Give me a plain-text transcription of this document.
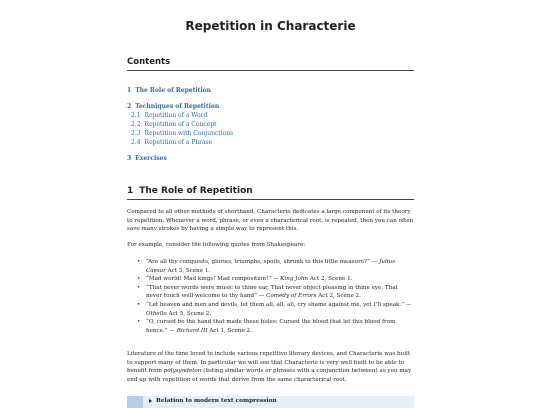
Repetition in Characterie
Contents
1 The Role of Repetition
2 Techniques of Repetition
2.1 Repetition of a Word
2.2 Repetition of a Concept
2.3 Repetition with Conjunctions
2.4 Repetition of a Phrase
3 Exercises
1 The Role of Repetition

Compared to all other methods of shorthand, Characterie dedicates a large component of its theory to repetition. Whenever a word, phrase, or even a characterical root, is repeated, then you can often save many strokes by having a simple way to represent this.

For example, consider the following quotes from Shakespeare:

• “Are all thy conquests, glories, triumphs, spoils, shrunk to this little measure?” — Julius Caesar Act 3, Scene 1.
• “Mad world! Mad kings! Mad composition!” — King John Act 2, Scene 1.
• “That never words were music to thine ear, That never object pleasing in thine eye, That never touch well welcome to thy hand” — Comedy of Errors Act 2, Scene 2.
• “Let heaven and men and devils, let them all, all, all, cry shame against me, yet I’ll speak.” — Othello Act 5, Scene 2.
• “O, cursed be the hand that made these holes; Cursed the blood that let this blood from hence.” — Richard III Act 1, Scene 2.

Literature of the time loved to include various repetitive literary devices, and Characterie was built to support many of them. In particular we will see that Characterie is very well built to be able to benefit from polysyndeton (listing similar words or phrases with a conjunction between) as you may end up with repetition of words that derive from the same characterical root.

Relation to modern text compression
